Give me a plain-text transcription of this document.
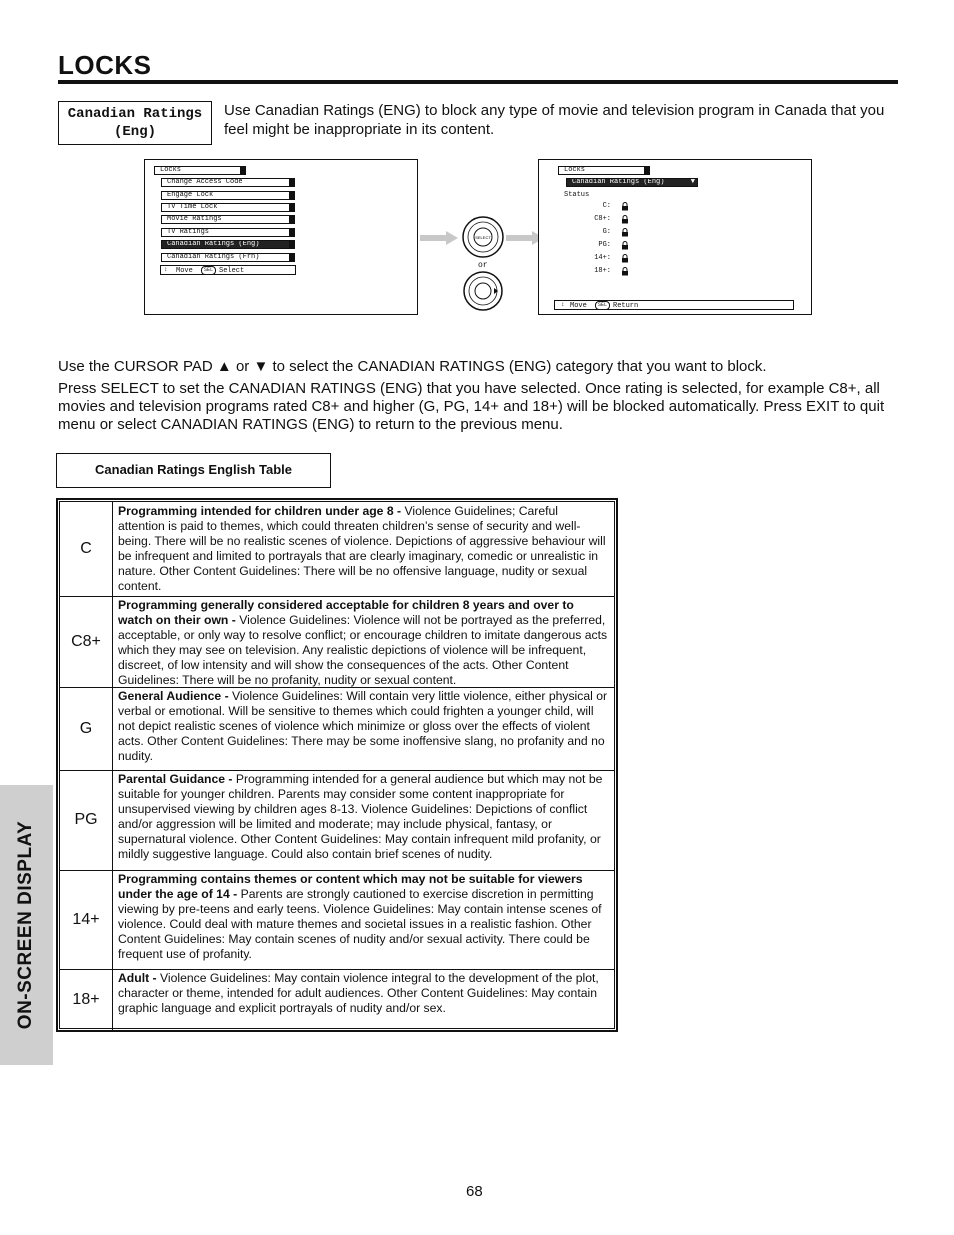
LOCKS
ON-SCREEN DISPLAY
Canadian Ratings
(Eng)
Use Canadian Ratings (ENG) to block any type of movie and television program in Canada that you feel might be inappropriate in its content.
Locks
Change Access Code
Engage Lock
TV Time Lock
Movie Ratings
TV Ratings
Canadian Ratings (Eng)	▶
Canadian Ratings (Frn)
↕ Move	SEL Select
SELECT
or
Locks
Canadian Ratings (Eng)	▼
Status
C:
C8+:
G:
PG:
14+:
18+:
↕ Move	SEL Return
Use the CURSOR PAD ▲ or ▼ to select the CANADIAN RATINGS (ENG) category that you want to block.
Press SELECT to set the CANADIAN RATINGS (ENG) that you have selected. Once rating is selected, for example C8+, all movies and television programs rated C8+ and higher (G, PG, 14+ and 18+) will be blocked automatically. Press EXIT to quit menu or select CANADIAN RATINGS (ENG) to return to the previous menu.
Canadian Ratings English Table
C
Programming intended for children under age 8 - Violence Guidelines; Careful attention is paid to themes, which could threaten children’s sense of security and well-being. There will be no realistic scenes of violence. Depictions of aggressive behaviour will be infrequent and limited to portrayals that are clearly imaginary, comedic or unrealistic in nature. Other Content Guidelines: There will be no offensive language, nudity or sexual content.
C8+
Programming generally considered acceptable for children 8 years and over to watch on their own - Violence Guidelines: Violence will not be portrayed as the preferred, acceptable, or only way to resolve conflict; or encourage children to imitate dangerous acts which they may see on television. Any realistic depictions of violence will be infrequent, discreet, of low intensity and will show the consequences of the acts. Other Content Guidelines: There will be no profanity, nudity or sexual content.
G
General Audience - Violence Guidelines: Will contain very little violence, either physical or verbal or emotional. Will be sensitive to themes which could frighten a younger child, will not depict realistic scenes of violence which minimize or gloss over the effects of violent acts. Other Content Guidelines: There may be some inoffensive slang, no profanity and no nudity.
PG
Parental Guidance - Programming intended for a general audience but which may not be suitable for younger children. Parents may consider some content inappropriate for unsupervised viewing by children ages 8-13. Violence Guidelines: Depictions of conflict and/or aggression will be limited and moderate; may include physical, fantasy, or supernatural violence. Other Content Guidelines: May contain infrequent mild profanity, or mildly suggestive language. Could also contain brief scenes of nudity.
14+
Programming contains themes or content which may not be suitable for viewers under the age of 14 - Parents are strongly cautioned to exercise discretion in permitting viewing by pre-teens and early teens. Violence Guidelines: May contain intense scenes of violence. Could deal with mature themes and societal issues in a realistic fashion. Other Content Guidelines: May contain scenes of nudity and/or sexual activity. There could be frequent use of profanity.
18+
Adult - Violence Guidelines: May contain violence integral to the development of the plot, character or theme, intended for adult audiences. Other Content Guidelines: May contain graphic language and explicit portrayals of nudity and/or sex.
68
